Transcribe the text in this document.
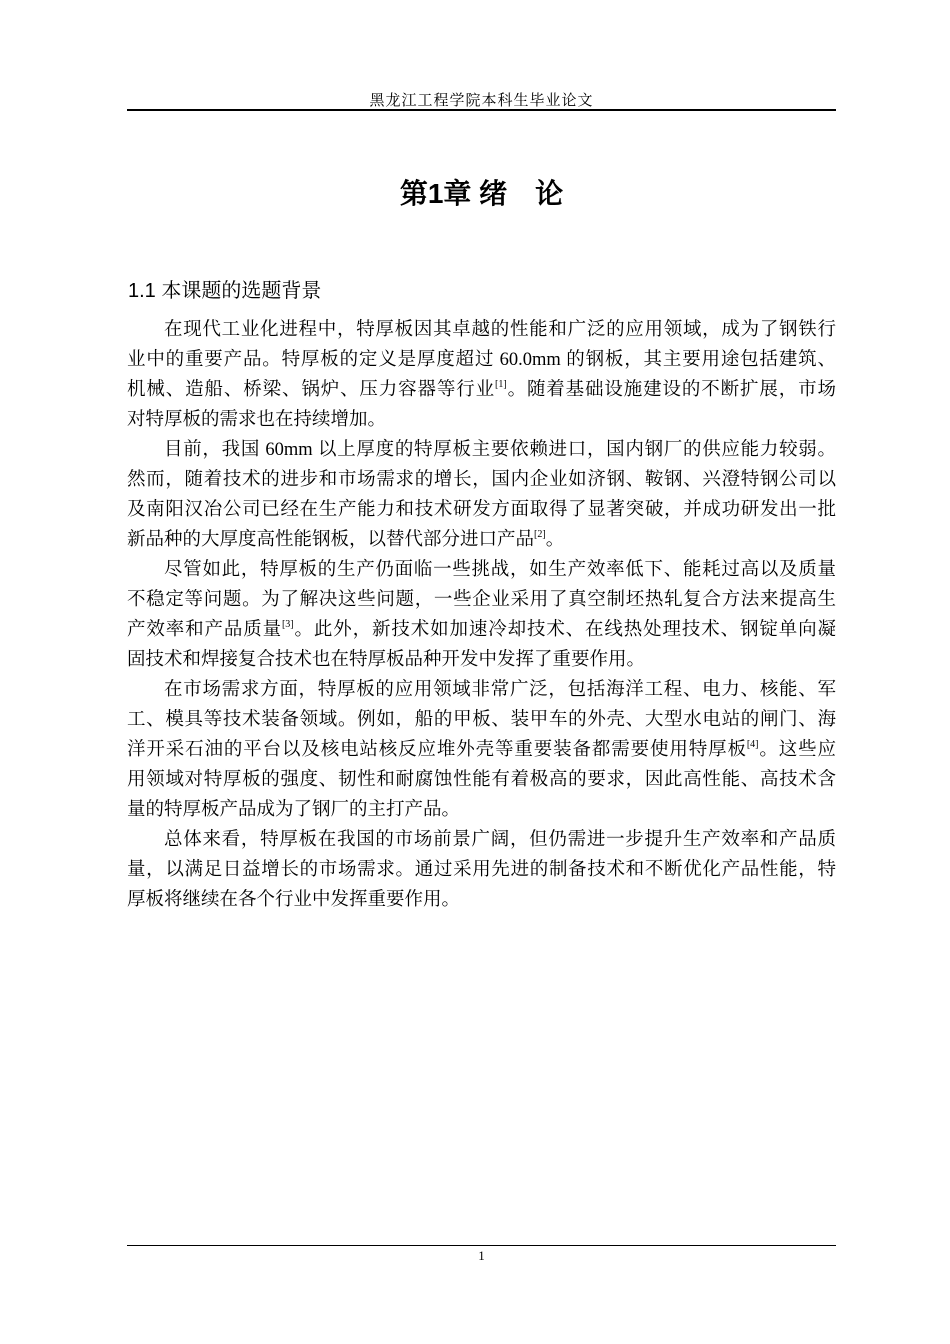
黑龙江工程学院本科生毕业论文
第1章 绪　论
1.1 本课题的选题背景
在现代工业化进程中，特厚板因其卓越的性能和广泛的应用领域，成为了钢铁行
业中的重要产品。特厚板的定义是厚度超过 60.0mm 的钢板，其主要用途包括建筑、
机械、造船、桥梁、锅炉、压力容器等行业[1]。随着基础设施建设的不断扩展，市场
对特厚板的需求也在持续增加。
目前，我国 60mm 以上厚度的特厚板主要依赖进口，国内钢厂的供应能力较弱。
然而，随着技术的进步和市场需求的增长，国内企业如济钢、鞍钢、兴澄特钢公司以
及南阳汉冶公司已经在生产能力和技术研发方面取得了显著突破，并成功研发出一批
新品种的大厚度高性能钢板，以替代部分进口产品[2]。
尽管如此，特厚板的生产仍面临一些挑战，如生产效率低下、能耗过高以及质量
不稳定等问题。为了解决这些问题，一些企业采用了真空制坯热轧复合方法来提高生
产效率和产品质量[3]。此外，新技术如加速冷却技术、在线热处理技术、钢锭单向凝
固技术和焊接复合技术也在特厚板品种开发中发挥了重要作用。
在市场需求方面，特厚板的应用领域非常广泛，包括海洋工程、电力、核能、军
工、模具等技术装备领域。例如，船的甲板、装甲车的外壳、大型水电站的闸门、海
洋开采石油的平台以及核电站核反应堆外壳等重要装备都需要使用特厚板[4]。这些应
用领域对特厚板的强度、韧性和耐腐蚀性能有着极高的要求，因此高性能、高技术含
量的特厚板产品成为了钢厂的主打产品。
总体来看，特厚板在我国的市场前景广阔，但仍需进一步提升生产效率和产品质
量，以满足日益增长的市场需求。通过采用先进的制备技术和不断优化产品性能，特
厚板将继续在各个行业中发挥重要作用。
1
